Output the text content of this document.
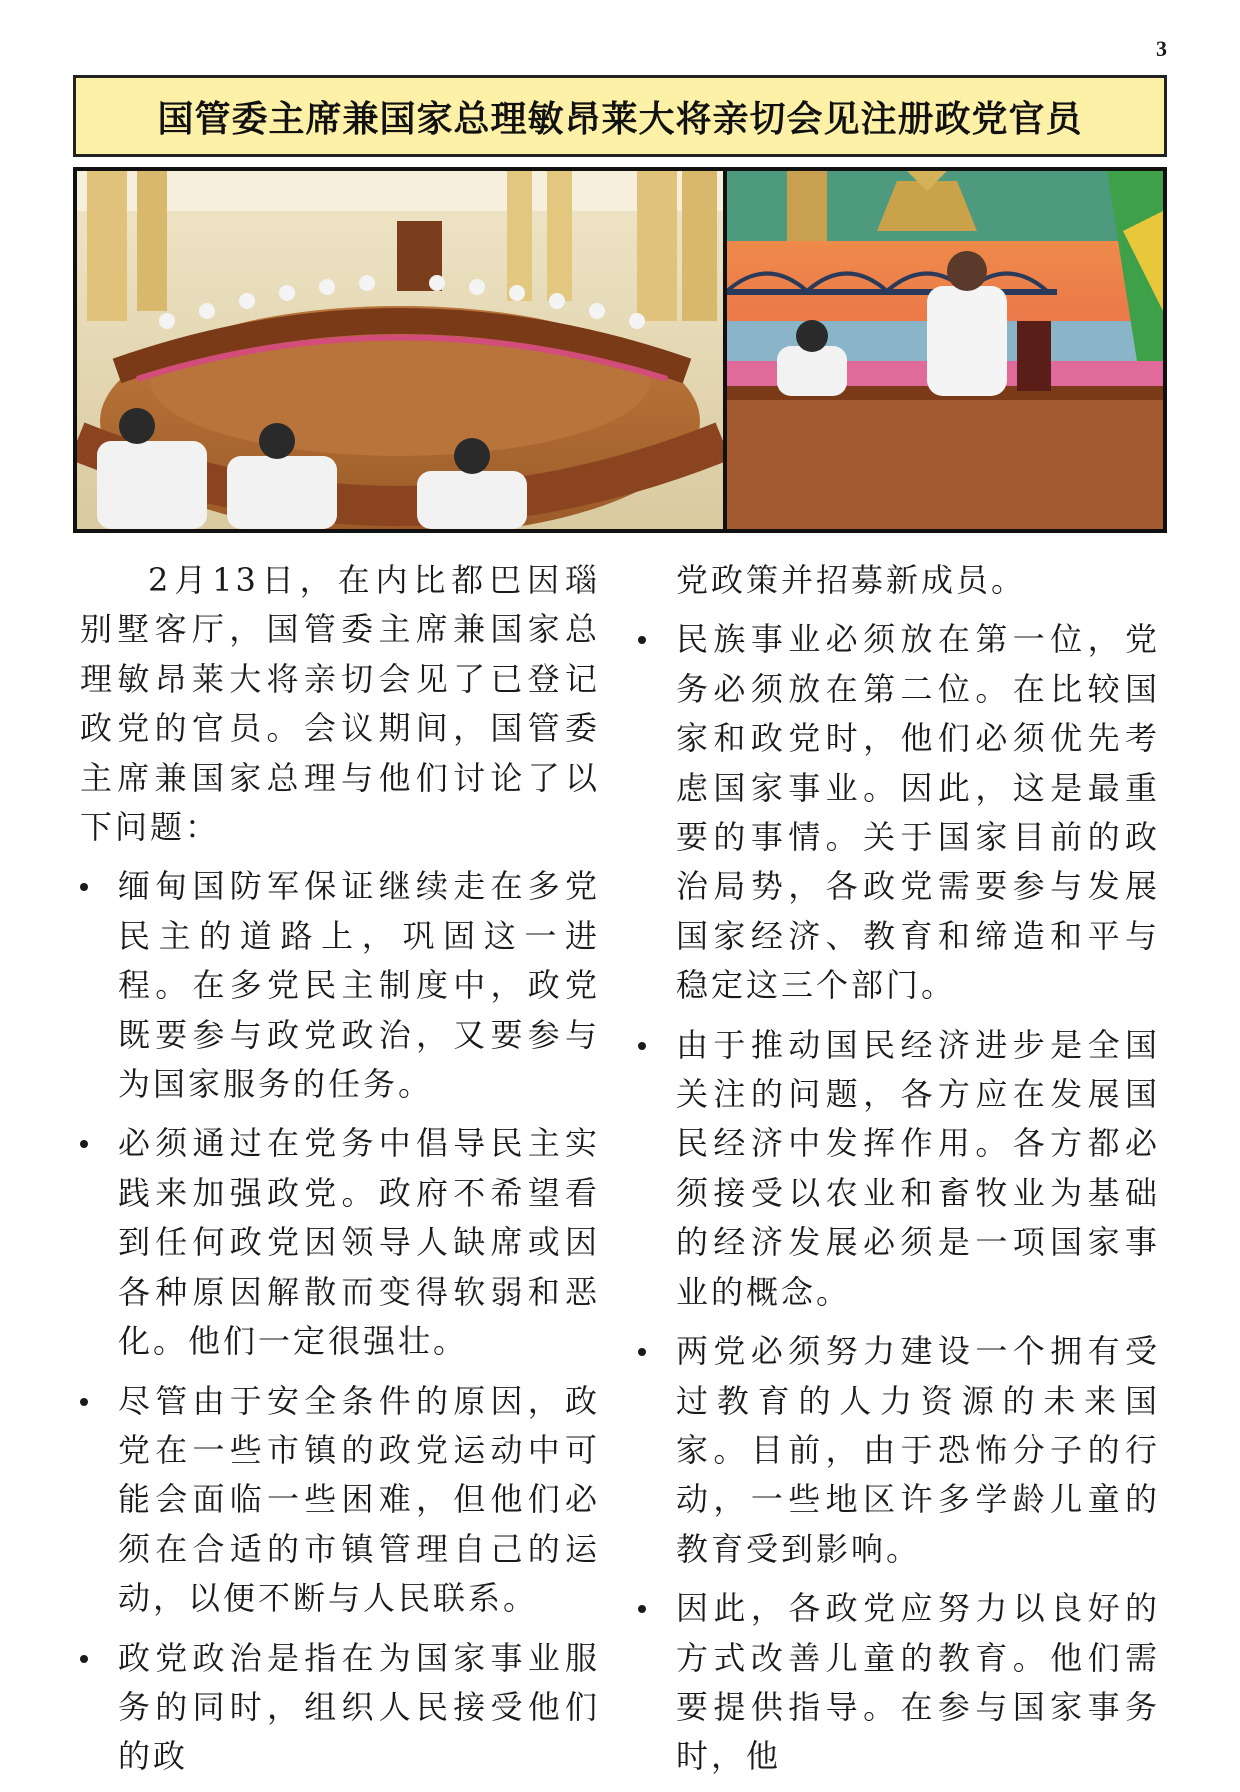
3
国管委主席兼国家总理敏昂莱大将亲切会见注册政党官员

2月13日，在内比都巴因瑙别墅客厅，国管委主席兼国家总理敏昂莱大将亲切会见了已登记政党的官员。会议期间，国管委主席兼国家总理与他们讨论了以下问题：

缅甸国防军保证继续走在多党民主的道路上，巩固这一进程。在多党民主制度中，政党既要参与政党政治，又要参与为国家服务的任务。
必须通过在党务中倡导民主实践来加强政党。政府不希望看到任何政党因领导人缺席或因各种原因解散而变得软弱和恶化。他们一定很强壮。
尽管由于安全条件的原因，政党在一些市镇的政党运动中可能会面临一些困难，但他们必须在合适的市镇管理自己的运动，以便不断与人民联系。
政党政治是指在为国家事业服务的同时，组织人民接受他们的政

党政策并招募新成员。

民族事业必须放在第一位，党务必须放在第二位。在比较国家和政党时，他们必须优先考虑国家事业。因此，这是最重要的事情。关于国家目前的政治局势，各政党需要参与发展国家经济、教育和缔造和平与稳定这三个部门。
由于推动国民经济进步是全国关注的问题，各方应在发展国民经济中发挥作用。各方都必须接受以农业和畜牧业为基础的经济发展必须是一项国家事业的概念。
两党必须努力建设一个拥有受过教育的人力资源的未来国家。目前，由于恐怖分子的行动，一些地区许多学龄儿童的教育受到影响。
因此，各政党应努力以良好的方式改善儿童的教育。他们需要提供指导。在参与国家事务时，他
